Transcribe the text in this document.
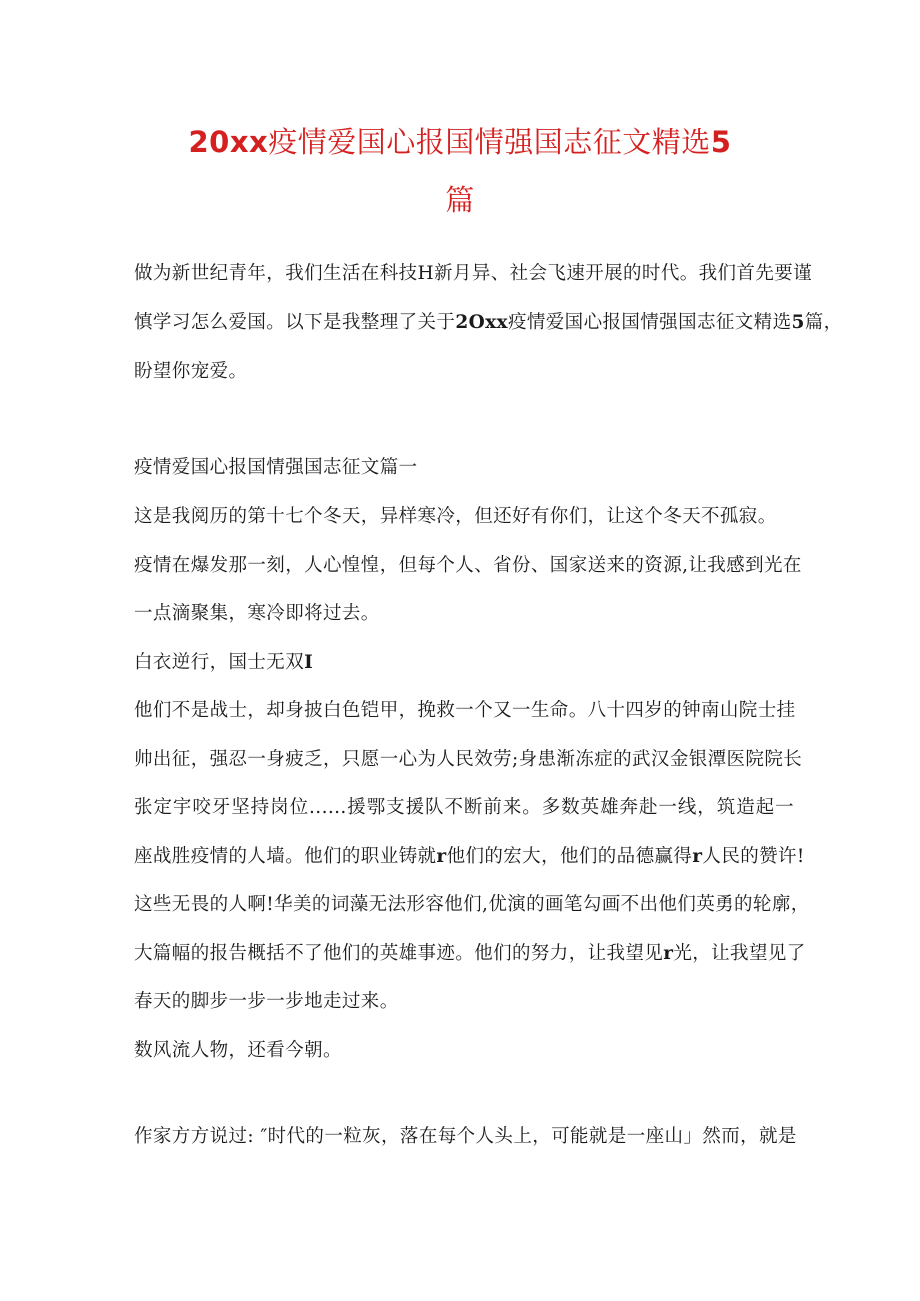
20xx疫情爱国心报国情强国志征文精选5
篇
做为新世纪青年，我们生活在科技H新月异、社会飞速开展的时代。我们首先要谨
慎学习怎么爱国。以下是我整理了关于2Oxx疫情爱国心报国情强国志征文精选5篇，
盼望你宠爱。
疫情爱国心报国情强国志征文篇一
这是我阅历的第十七个冬天，异样寒冷，但还好有你们，让这个冬天不孤寂。
疫情在爆发那一刻，人心惶惶，但每个人、省份、国家送来的资源,让我感到光在
一点滴聚集，寒冷即将过去。
白衣逆行，国士无双I
他们不是战士，却身披白色铠甲，挽救一个又一生命。八十四岁的钟南山院士挂
帅出征，强忍一身疲乏，只愿一心为人民效劳;身患渐冻症的武汉金银潭医院院长
张定宇咬牙坚持岗位......援鄂支援队不断前来。多数英雄奔赴一线，筑造起一
座战胜疫情的人墙。他们的职业铸就r他们的宏大，他们的品德赢得r人民的赞许!
这些无畏的人啊!华美的词藻无法形容他们,优演的画笔勾画不出他们英勇的轮廓，
大篇幅的报告概括不了他们的英雄事迹。他们的努力，让我望见r光，让我望见了
春天的脚步一步一步地走过来。
数风流人物，还看今朝。
作家方方说过: ″时代的一粒灰，落在每个人头上，可能就是一座山」然而，就是
